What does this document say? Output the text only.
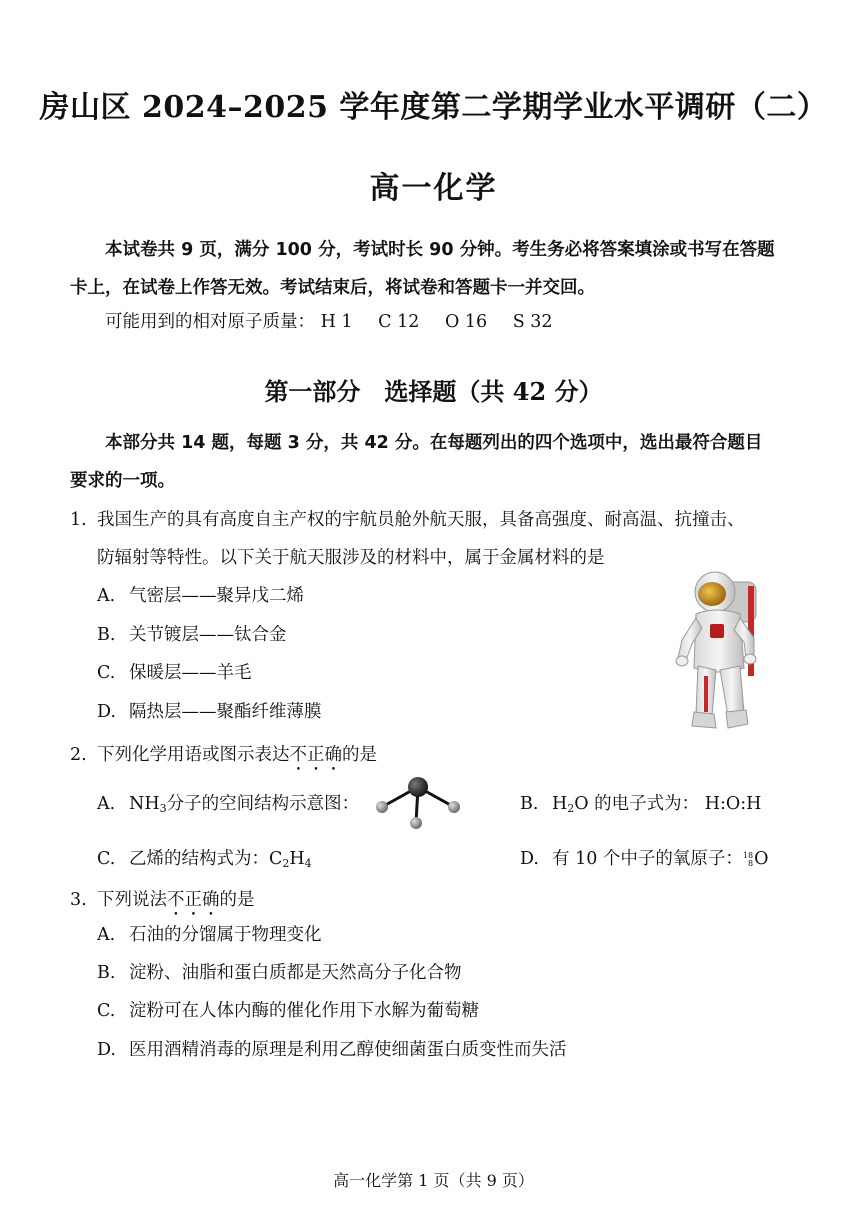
房山区 2024–2025 学年度第二学期学业水平调研（二）
高一化学
本试卷共 9 页，满分 100 分，考试时长 90 分钟。考生务必将答案填涂或书写在答题
卡上，在试卷上作答无效。考试结束后，将试卷和答题卡一并交回。
可能用到的相对原子质量： H 1 C 12 O 16 S 32
第一部分　选择题（共 42 分）
本部分共 14 题，每题 3 分，共 42 分。在每题列出的四个选项中，选出最符合题目
要求的一项。
1. 我国生产的具有高度自主产权的宇航员舱外航天服，具备高强度、耐高温、抗撞击、
防辐射等特性。以下关于航天服涉及的材料中，属于金属材料的是
A. 气密层——聚异戊二烯
B. 关节镀层——钛合金
C. 保暖层——羊毛
D. 隔热层——聚酯纤维薄膜
2. 下列化学用语或图示表达不正确的是
A. $NH_3$分子的空间结构示意图：	B. $H_2O$ 的电子式为： H:O:H
C. 乙烯的结构式为：$C_2H_4$	D. 有 10 个中子的氧原子： 18
8 O
3. 下列说法不正确的是
A. 石油的分馏属于物理变化
B. 淀粉、油脂和蛋白质都是天然高分子化合物
C. 淀粉可在人体内酶的催化作用下水解为葡萄糖
D. 医用酒精消毒的原理是利用乙醇使细菌蛋白质变性而失活
高一化学第 1 页（共 9 页）
